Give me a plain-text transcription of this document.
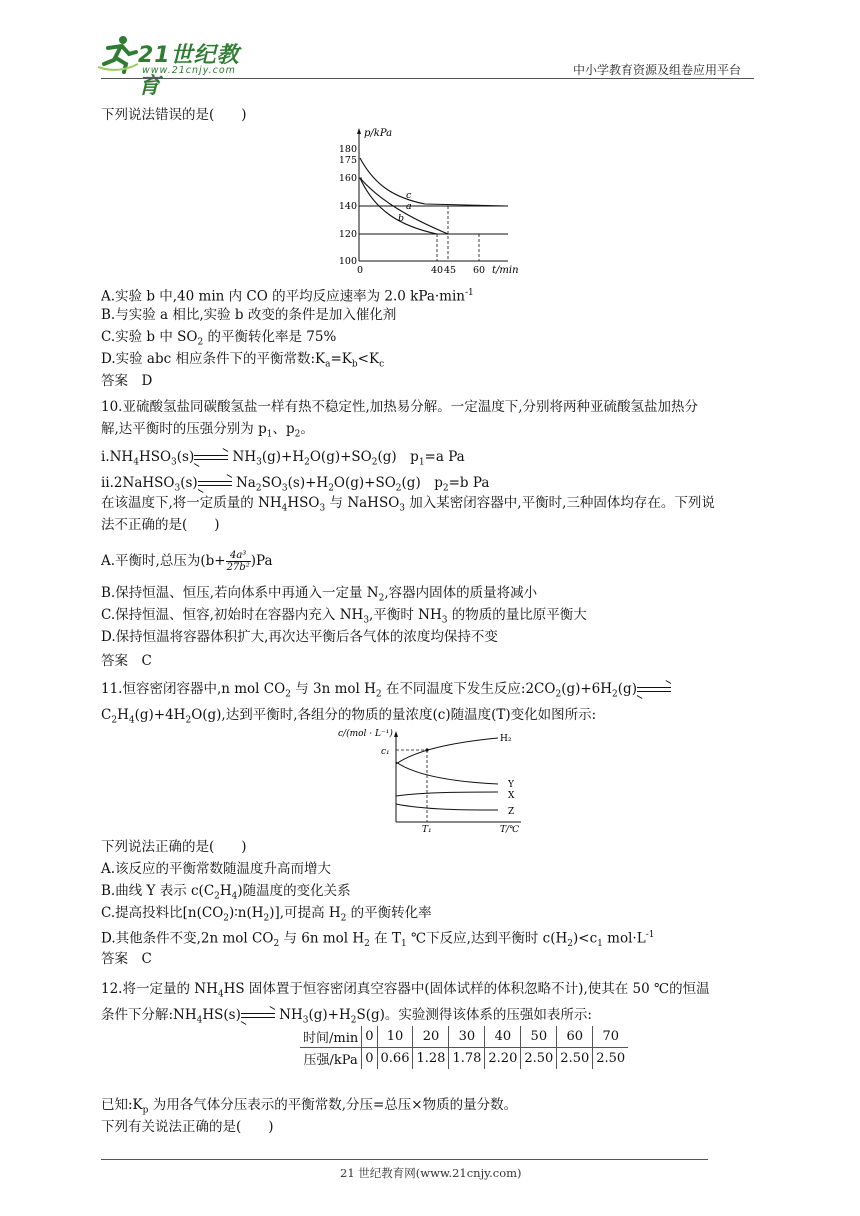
21世纪教育
www.21cnjy.com	中小学教育资源及组卷应用平台
下列说法错误的是(　　)
p/kPa
t/min
180
175
160
140
120
100
0	40 45 60
c
a
b
A.实验 b 中,40 min 内 CO 的平均反应速率为 2.0 $kPa\cdot\min^{-1}$
B.与实验 a 相比,实验 b 改变的条件是加入催化剂
C.实验 b 中 $SO_2$ 的平衡转化率是 75%
D.实验 abc 相应条件下的平衡常数$:K_a=K_b<K_c$
答案　D
10.亚硫酸氢盐同碳酸氢盐一样有热不稳定性,加热易分解。一定温度下,分别将两种亚硫酸氢盐加热分
解,达平衡时的压强分别为 $p_1$、$p_2$。
$ⅰ.NH_4HSO_3(s)$	$NH_3(g)+H_2O(g)+SO_2(g)$　$p_1=a$ Pa
ⅱ.2NaHSO$_3$(s)	$Na_2SO_3(s)+H_2O(g)+SO_2(g)$　$p_2=b$ Pa
在该温度下,将一定质量的 $NH_4HSO_3$ 与 NaHSO$_3$ 加入某密闭容器中,平衡时,三种固体均存在。下列说
法不正确的是(　　)
A.平衡时,总压为$(b+ \frac{\text{4a³}}{\text{27b²}} )Pa$
B.保持恒温、恒压,若向体系中再通入一定量 $N_2$,容器内固体的质量将减小
C.保持恒温、恒容,初始时在容器内充入 $NH_3$,平衡时 $NH_3$ 的物质的量比原平衡大
D.保持恒温将容器体积扩大,再次达平衡后各气体的浓度均保持不变
答案　C
11.恒容密闭容器中,n mol $CO_2$ 与 3n mol $H_2$ 在不同温度下发生反应$:2CO_2(g)+6H_2(g)$
$C_2H_4(g)+4H_2O(g)$,达到平衡时,各组分的物质的量浓度(c)随温度(T)变化如图所示:
c/(mol · L⁻¹)
T/℃
c₁
T₁
H₂
Y
X
Z
下列说法正确的是(　　)
A.该反应的平衡常数随温度升高而增大
B.曲线 Y 表示 $c(C_2H_4)$随温度的变化关系
C.提高投料比$[n(CO_2)∶n(H_2)]$,可提高 $H_2$ 的平衡转化率
D.其他条件不变,2n mol $CO_2$ 与 6n mol $H_2$ 在 $T_1$ ℃下反应,达到平衡时 $c(H_2)<c_1$ $mol\cdot L^{-1}$
答案　C
12.将一定量的 $NH_4HS$ 固体置于恒容密闭真空容器中(固体试样的体积忽略不计),使其在 50 ℃的恒温
条件下分解$:NH_4HS(s)$	$NH_3(g)+H_2S(g)$。实验测得该体系的压强如表所示:
时间/min	0	10	20	30	40	50	60	70
压强/kPa	0	0.66	1.28	1.78	2.20	2.50	2.50	2.50
已知$:K_p$ 为用各气体分压表示的平衡常数,分压=总压×物质的量分数。
下列有关说法正确的是(　　)
21 世纪教育网(www.21cnjy.com)
